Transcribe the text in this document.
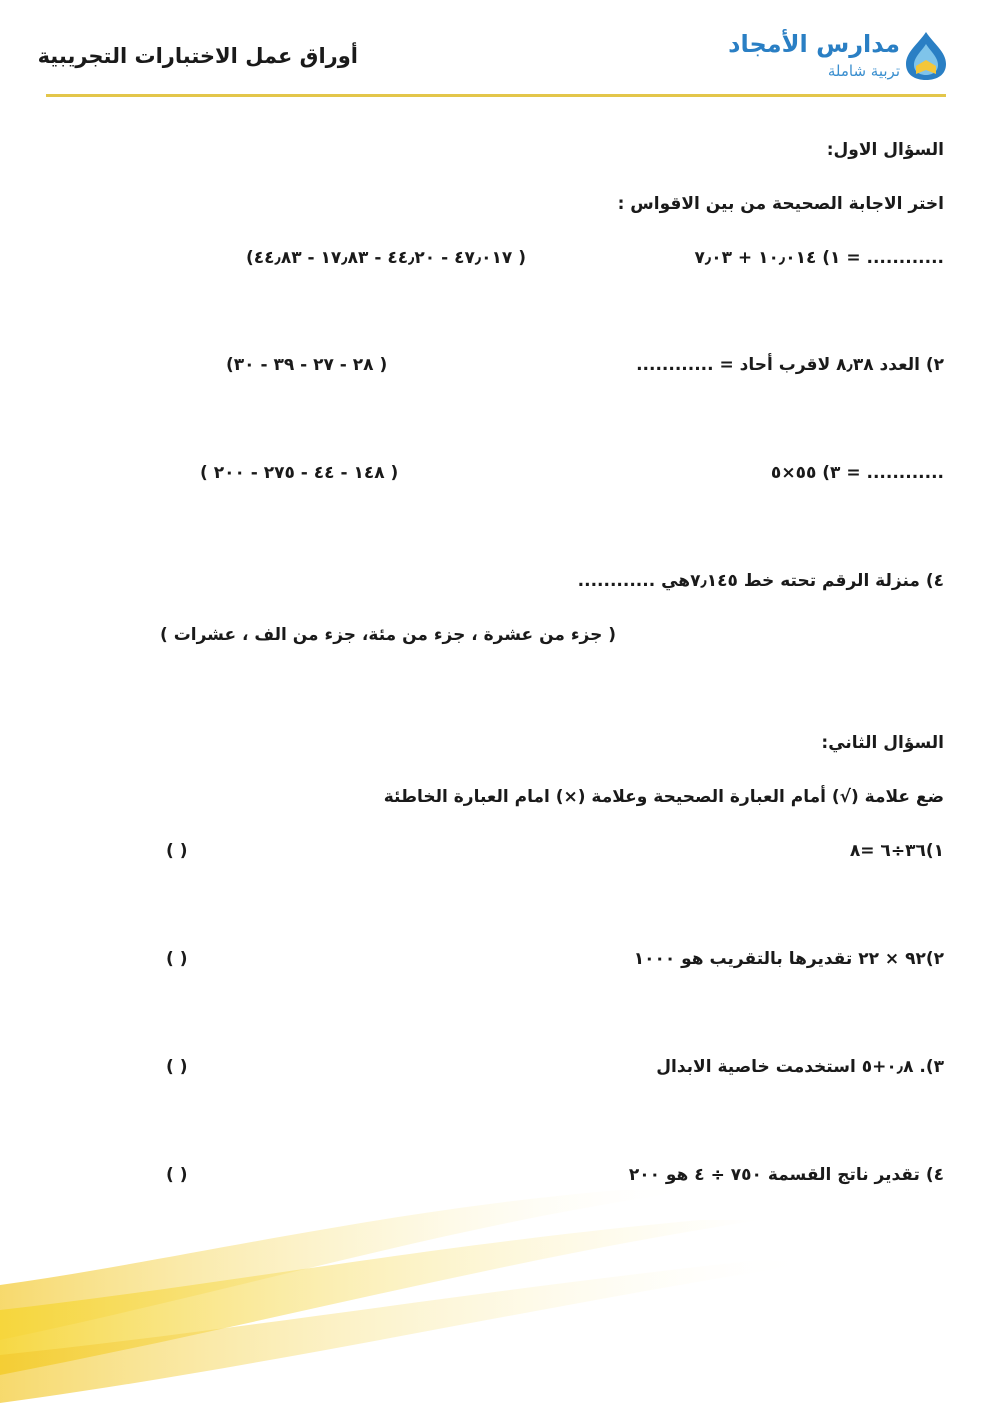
أوراق عمل الاختبارات التجريبية	مدارس الأمجاد
تربية شاملة
السؤال الاول:
اختر الاجابة الصحيحة من بين الاقواس :
١) ١٠٫٠١٤ + ٧٫٠٣ = ............
(٤٧٫٠١٧ - ٤٤٫٢٠ - ١٧٫٨٣ - ٤٤٫٨٣ )
٢) العدد ٨٫٣٨ لاقرب أحاد = ............
(٢٨ - ٢٧ - ٣٩ - ٣٠ )
٣) ٥٥×٥ = ............
( ١٤٨ - ٤٤ - ٢٧٥ - ٢٠٠ )
٤) منزلة الرقم تحته خط ٧٫١٤٥هي ............
( جزء من عشرة ، جزء من مئة، جزء من الف ، عشرات )
السؤال الثاني:
ضع علامة (√) أمام العبارة الصحيحة وعلامة (×) امام العبارة الخاطئة
١)٣٦÷٦ =٨
( )
٢)٩٢ × ٢٢ تقديرها بالتقريب هو ١٠٠٠
( )
٣). ٠٫٨+٥ استخدمت خاصية الابدال
( )
٤) تقدير ناتج القسمة ٧٥٠ ÷ ٤ هو ٢٠٠
( )
